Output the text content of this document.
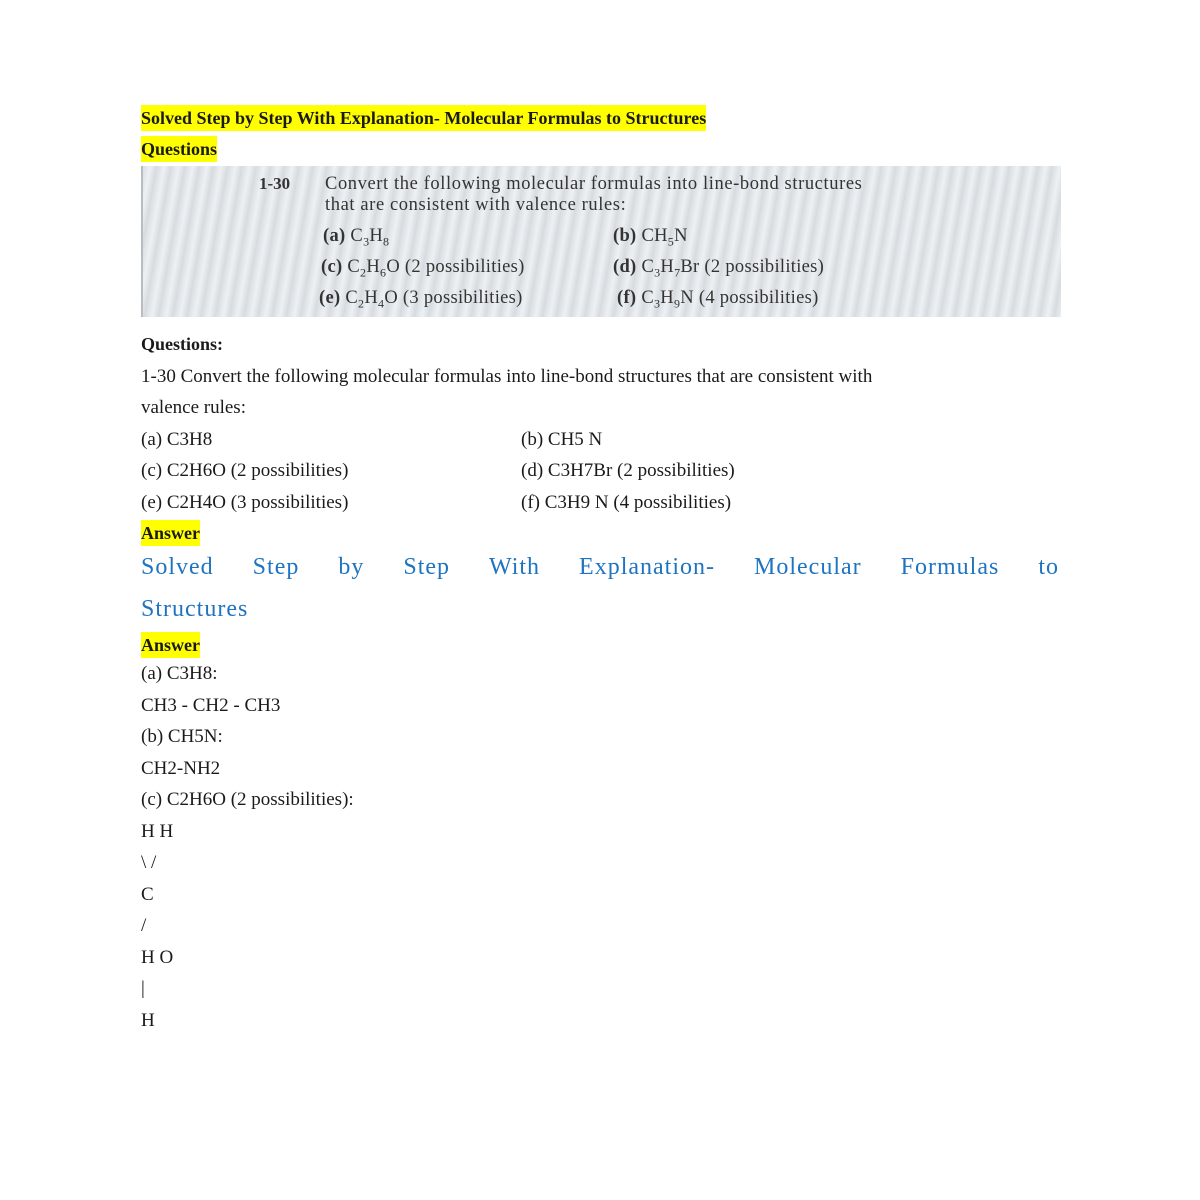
Solved Step by Step With Explanation- Molecular Formulas to Structures
Questions
1-30 Convert the following molecular formulas into line-bond structures
that are consistent with valence rules:
(a) $C_3H_8$	(b) $CH_5N$
(c) $C_2H_6O$ (2 possibilities)	(d) $C_3H_7Br$ (2 possibilities)
(e) $C_2H_4O$ (3 possibilities)	(f) $C_3H_9N$ (4 possibilities)
Questions:
1-30 Convert the following molecular formulas into line-bond structures that are consistent with
valence rules:
(a) C3H8	(b) CH5 N
(c) C2H6O (2 possibilities)	(d) C3H7Br (2 possibilities)
(e) C2H4O (3 possibilities)	(f) C3H9 N (4 possibilities)
Answer
Solved Step by Step With Explanation- Molecular Formulas to
Structures
Answer
(a) C3H8:
CH3 - CH2 - CH3
(b) CH5N:
CH2-NH2
(c) C2H6O (2 possibilities):
H H
\ /
C
/
H O
|
H
